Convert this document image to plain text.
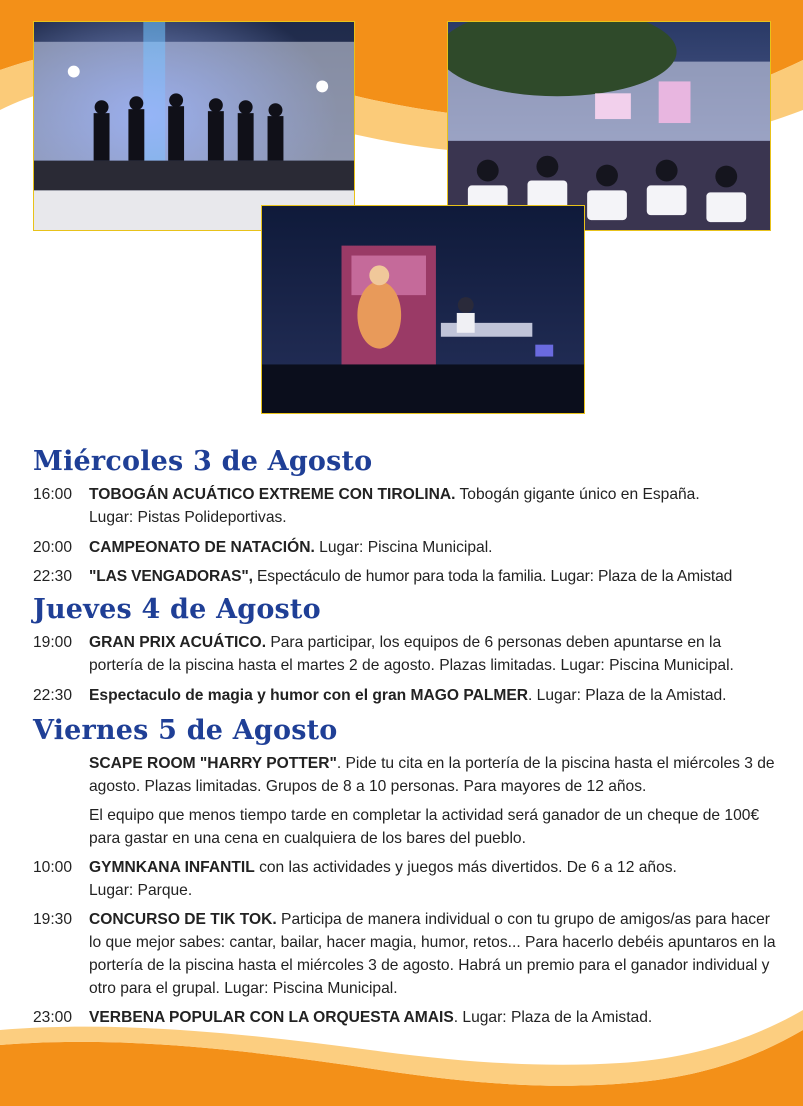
Miércoles 3 de Agosto
16:00	TOBOGÁN ACUÁTICO EXTREME CON TIROLINA. Tobogán gigante único en España.
Lugar: Pistas Polideportivas.
20:00	CAMPEONATO DE NATACIÓN. Lugar: Piscina Municipal.
22:30	"LAS VENGADORAS", Espectáculo de humor para toda la familia. Lugar: Plaza de la Amistad
Jueves 4 de Agosto
19:00	GRAN PRIX ACUÁTICO. Para participar, los equipos de 6 personas deben apuntarse en la portería de la piscina hasta el martes 2 de agosto. Plazas limitadas. Lugar: Piscina Municipal.
22:30	Espectaculo de magia y humor con el gran MAGO PALMER. Lugar: Plaza de la Amistad.
Viernes 5 de Agosto
SCAPE ROOM "HARRY POTTER". Pide tu cita en la portería de la piscina hasta el miércoles 3 de agosto. Plazas limitadas. Grupos de 8 a 10 personas. Para mayores de 12 años.
El equipo que menos tiempo tarde en completar la actividad será ganador de un cheque de 100€ para gastar en una cena en cualquiera de los bares del pueblo.
10:00	GYMNKANA INFANTIL con las actividades y juegos más divertidos. De 6 a 12 años.
Lugar: Parque.
19:30	CONCURSO DE TIK TOK. Participa de manera individual o con tu grupo de amigos/as para hacer lo que mejor sabes: cantar, bailar, hacer magia, humor, retos... Para hacerlo debéis apuntaros en la portería de la piscina hasta el miércoles 3 de agosto. Habrá un premio para el ganador individual y otro para el grupal. Lugar: Piscina Municipal.
23:00	VERBENA POPULAR CON LA ORQUESTA AMAIS. Lugar: Plaza de la Amistad.
